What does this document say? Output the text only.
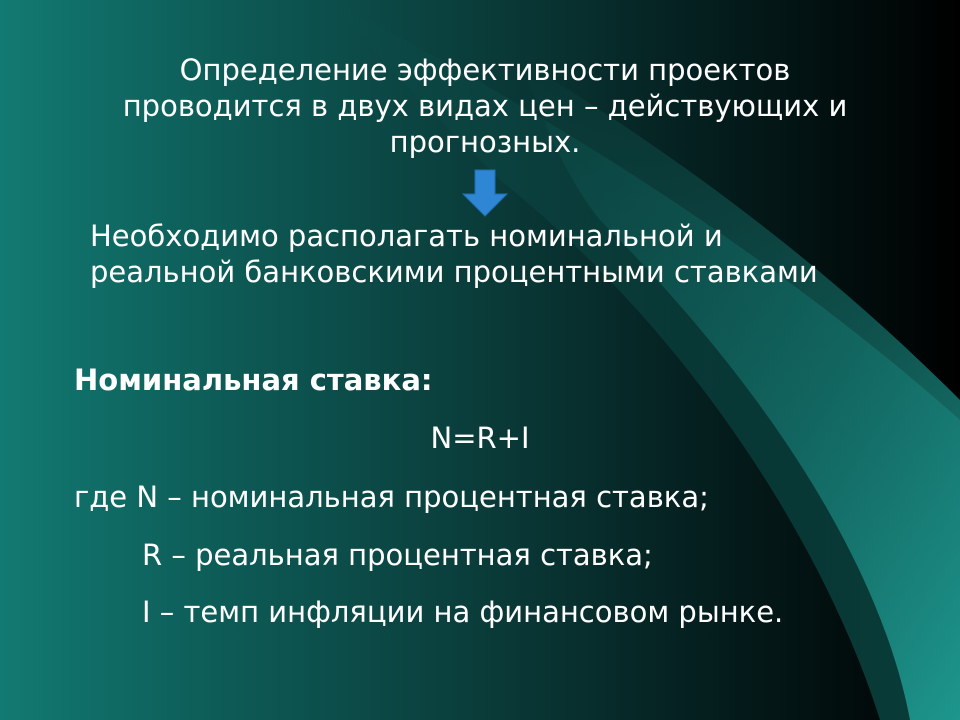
Определение эффективности проектов
проводится в двух видах цен – действующих и
прогнозных.
Необходимо располагать номинальной и
реальной банковскими процентными ставками
Номинальная ставка:
N=R+I
где N – номинальная процентная ставка;
R – реальная процентная ставка;
I – темп инфляции на финансовом рынке.
